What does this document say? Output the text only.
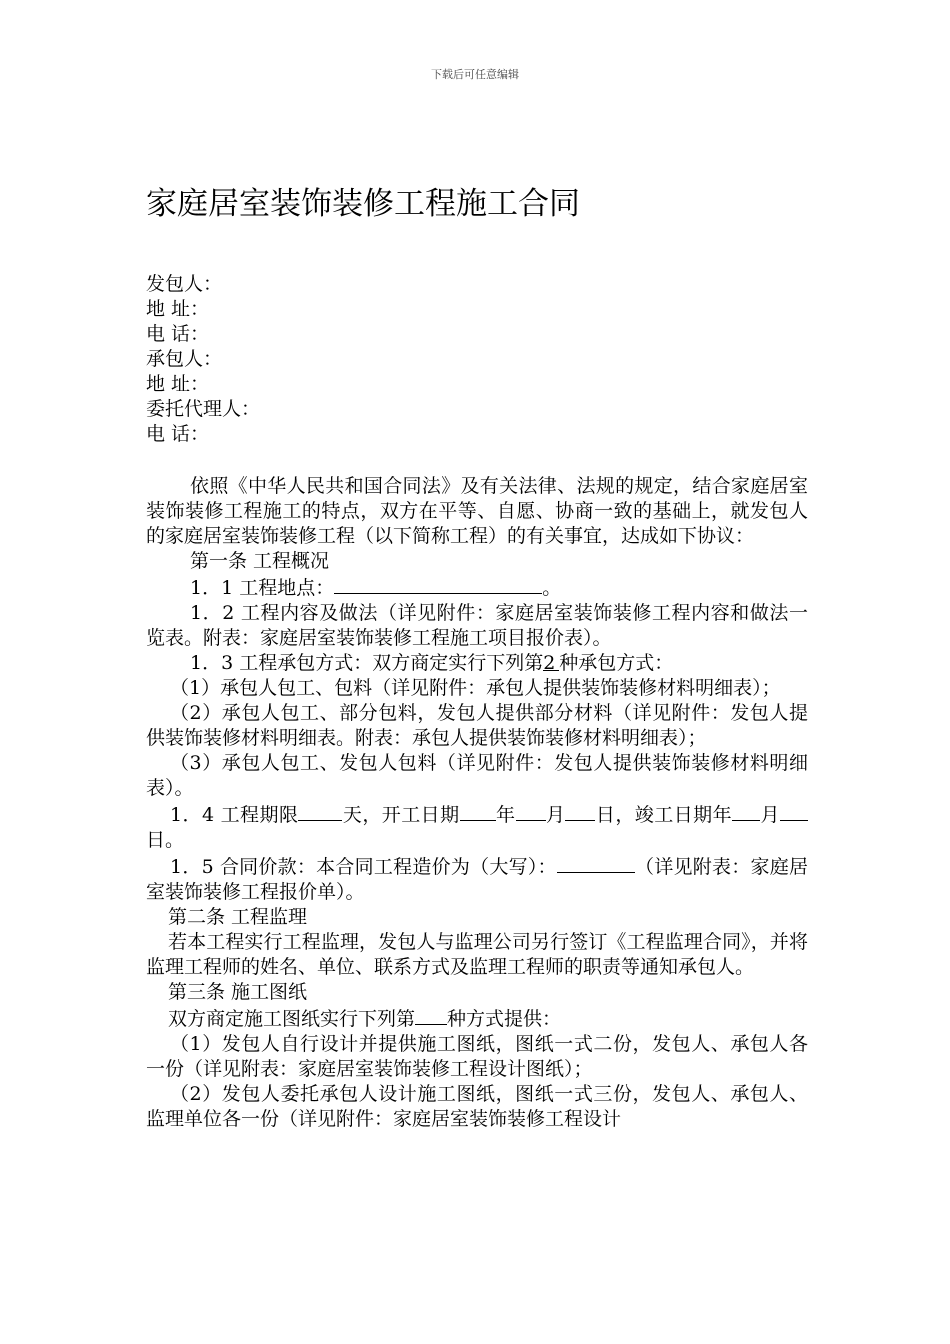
下载后可任意编辑
家庭居室装饰装修工程施工合同
发包人：
地 址：
电 话：
承包人：
地 址：
委托代理人：
电 话：

依照《中华人民共和国合同法》及有关法律、法规的规定，结合家庭居室装饰装修工程施工的特点，双方在平等、自愿、协商一致的基础上，就发包人的家庭居室装饰装修工程（以下简称工程）的有关事宜，达成如下协议：

第一条 工程概况

1．1 工程地点：	。

1．2 工程内容及做法（详见附件：家庭居室装饰装修工程内容和做法一览表。附表：家庭居室装饰装修工程施工项目报价表）。

1．3 工程承包方式：双方商定实行下列第2 种承包方式：

（1）承包人包工、包料（详见附件：承包人提供装饰装修材料明细表）；

（2）承包人包工、部分包料，发包人提供部分材料（详见附件：发包人提供装饰装修材料明细表。附表：承包人提供装饰装修材料明细表）；

（3）承包人包工、发包人包料（详见附件：发包人提供装饰装修材料明细表）。

1．4 工程期限 天，开工日期 年 月 日，竣工日期年 月日。

1．5 合同价款：本合同工程造价为（大写）：	（详见附表：家庭居室装饰装修工程报价单）。

第二条 工程监理

若本工程实行工程监理，发包人与监理公司另行签订《工程监理合同》，并将监理工程师的姓名、单位、联系方式及监理工程师的职责等通知承包人。

第三条 施工图纸

双方商定施工图纸实行下列第 种方式提供：

（1）发包人自行设计并提供施工图纸，图纸一式二份，发包人、承包人各一份（详见附表：家庭居室装饰装修工程设计图纸）；

（2）发包人委托承包人设计施工图纸，图纸一式三份，发包人、承包人、监理单位各一份（详见附件：家庭居室装饰装修工程设计
